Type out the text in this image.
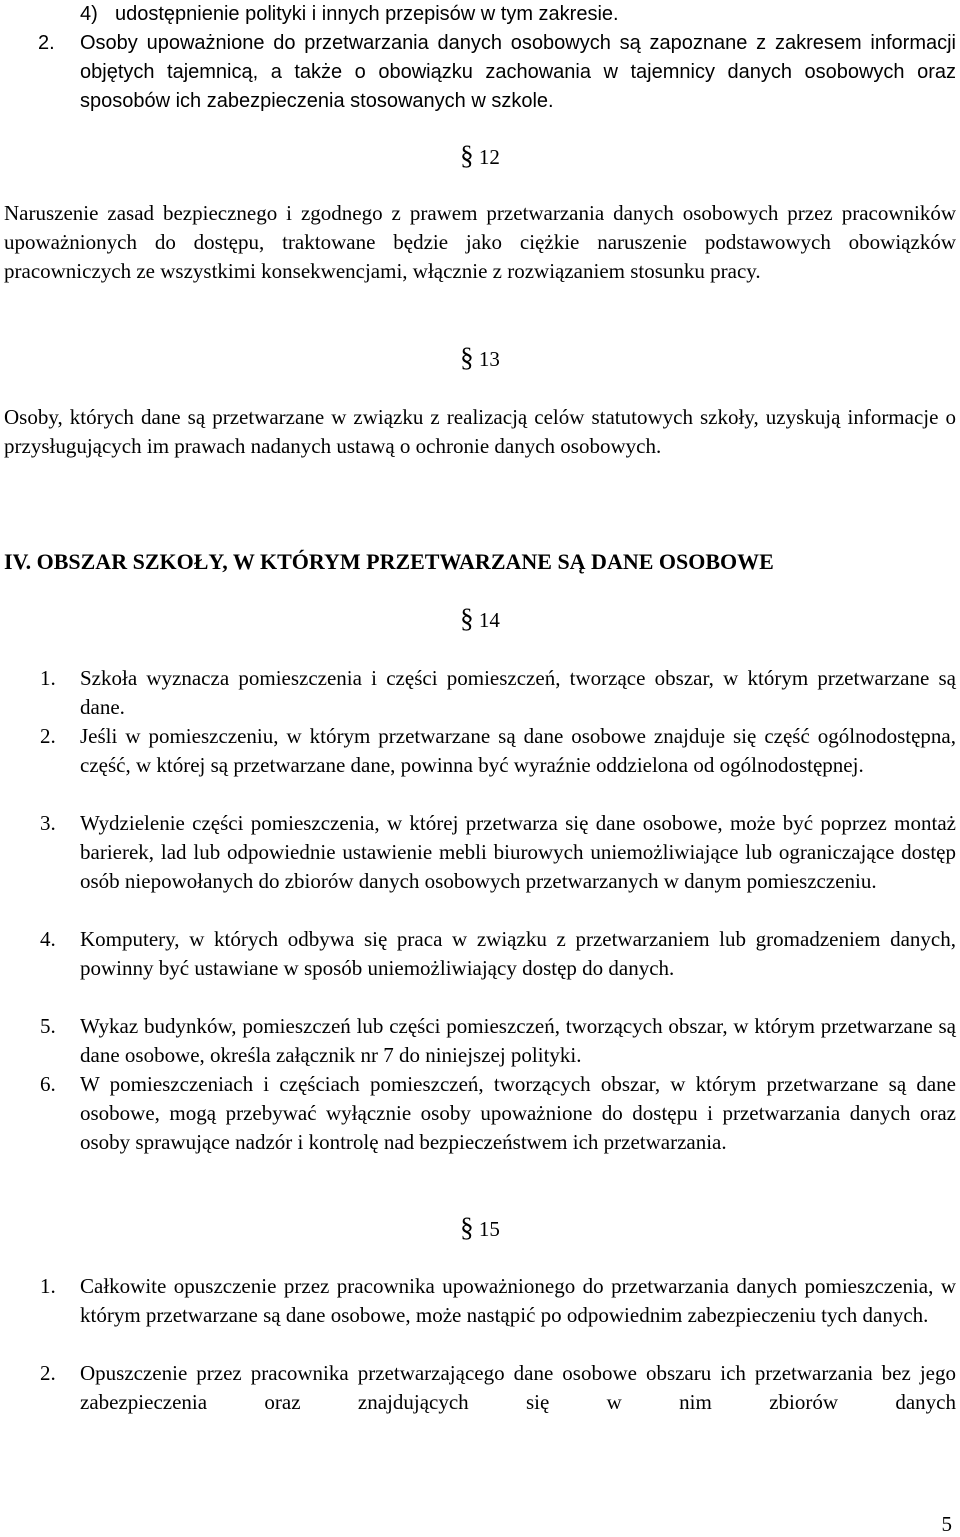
4) udostępnienie polityki i innych przepisów w tym zakresie.
2.	Osoby upoważnione do przetwarzania danych osobowych są zapoznane z zakresem informacji objętych tajemnicą, a także o obowiązku zachowania w tajemnicy danych osobowych oraz sposobów ich zabezpieczenia stosowanych w szkole.
§ 12
Naruszenie zasad bezpiecznego i zgodnego z prawem przetwarzania danych osobowych przez pracowników upoważnionych do dostępu, traktowane będzie jako ciężkie naruszenie podstawowych obowiązków pracowniczych ze wszystkimi konsekwencjami, włącznie z rozwiązaniem stosunku pracy.
§ 13
Osoby, których dane są przetwarzane w związku z realizacją celów statutowych szkoły, uzyskują informacje o przysługujących im prawach nadanych ustawą o ochronie danych osobowych.
IV. OBSZAR SZKOŁY, W KTÓRYM PRZETWARZANE SĄ DANE OSOBOWE
§ 14
1.	Szkoła wyznacza pomieszczenia i części pomieszczeń, tworzące obszar, w którym przetwarzane są dane.
2.	Jeśli w pomieszczeniu, w którym przetwarzane są dane osobowe znajduje się część ogólnodostępna, część, w której są przetwarzane dane, powinna być wyraźnie oddzielona od ogólnodostępnej.
3.	Wydzielenie części pomieszczenia, w której przetwarza się dane osobowe, może być poprzez montaż barierek, lad lub odpowiednie ustawienie mebli biurowych uniemożliwiające lub ograniczające dostęp osób niepowołanych do zbiorów danych osobowych przetwarzanych w danym pomieszczeniu.
4.	Komputery, w których odbywa się praca w związku z przetwarzaniem lub gromadzeniem danych, powinny być ustawiane w sposób uniemożliwiający dostęp do danych.
5.	Wykaz budynków, pomieszczeń lub części pomieszczeń, tworzących obszar, w którym przetwarzane są dane osobowe, określa załącznik nr 7 do niniejszej polityki.
6.	W pomieszczeniach i częściach pomieszczeń, tworzących obszar, w którym przetwarzane są dane osobowe, mogą przebywać wyłącznie osoby upoważnione do dostępu i przetwarzania danych oraz osoby sprawujące nadzór i kontrolę nad bezpieczeństwem ich przetwarzania.
§ 15
1.	Całkowite opuszczenie przez pracownika upoważnionego do przetwarzania danych pomieszczenia, w którym przetwarzane są dane osobowe, może nastąpić po odpowiednim zabezpieczeniu tych danych.
2.	Opuszczenie przez pracownika przetwarzającego dane osobowe obszaru ich przetwarzania bez jego zabezpieczenia oraz znajdujących się w nim zbiorów danych
5
